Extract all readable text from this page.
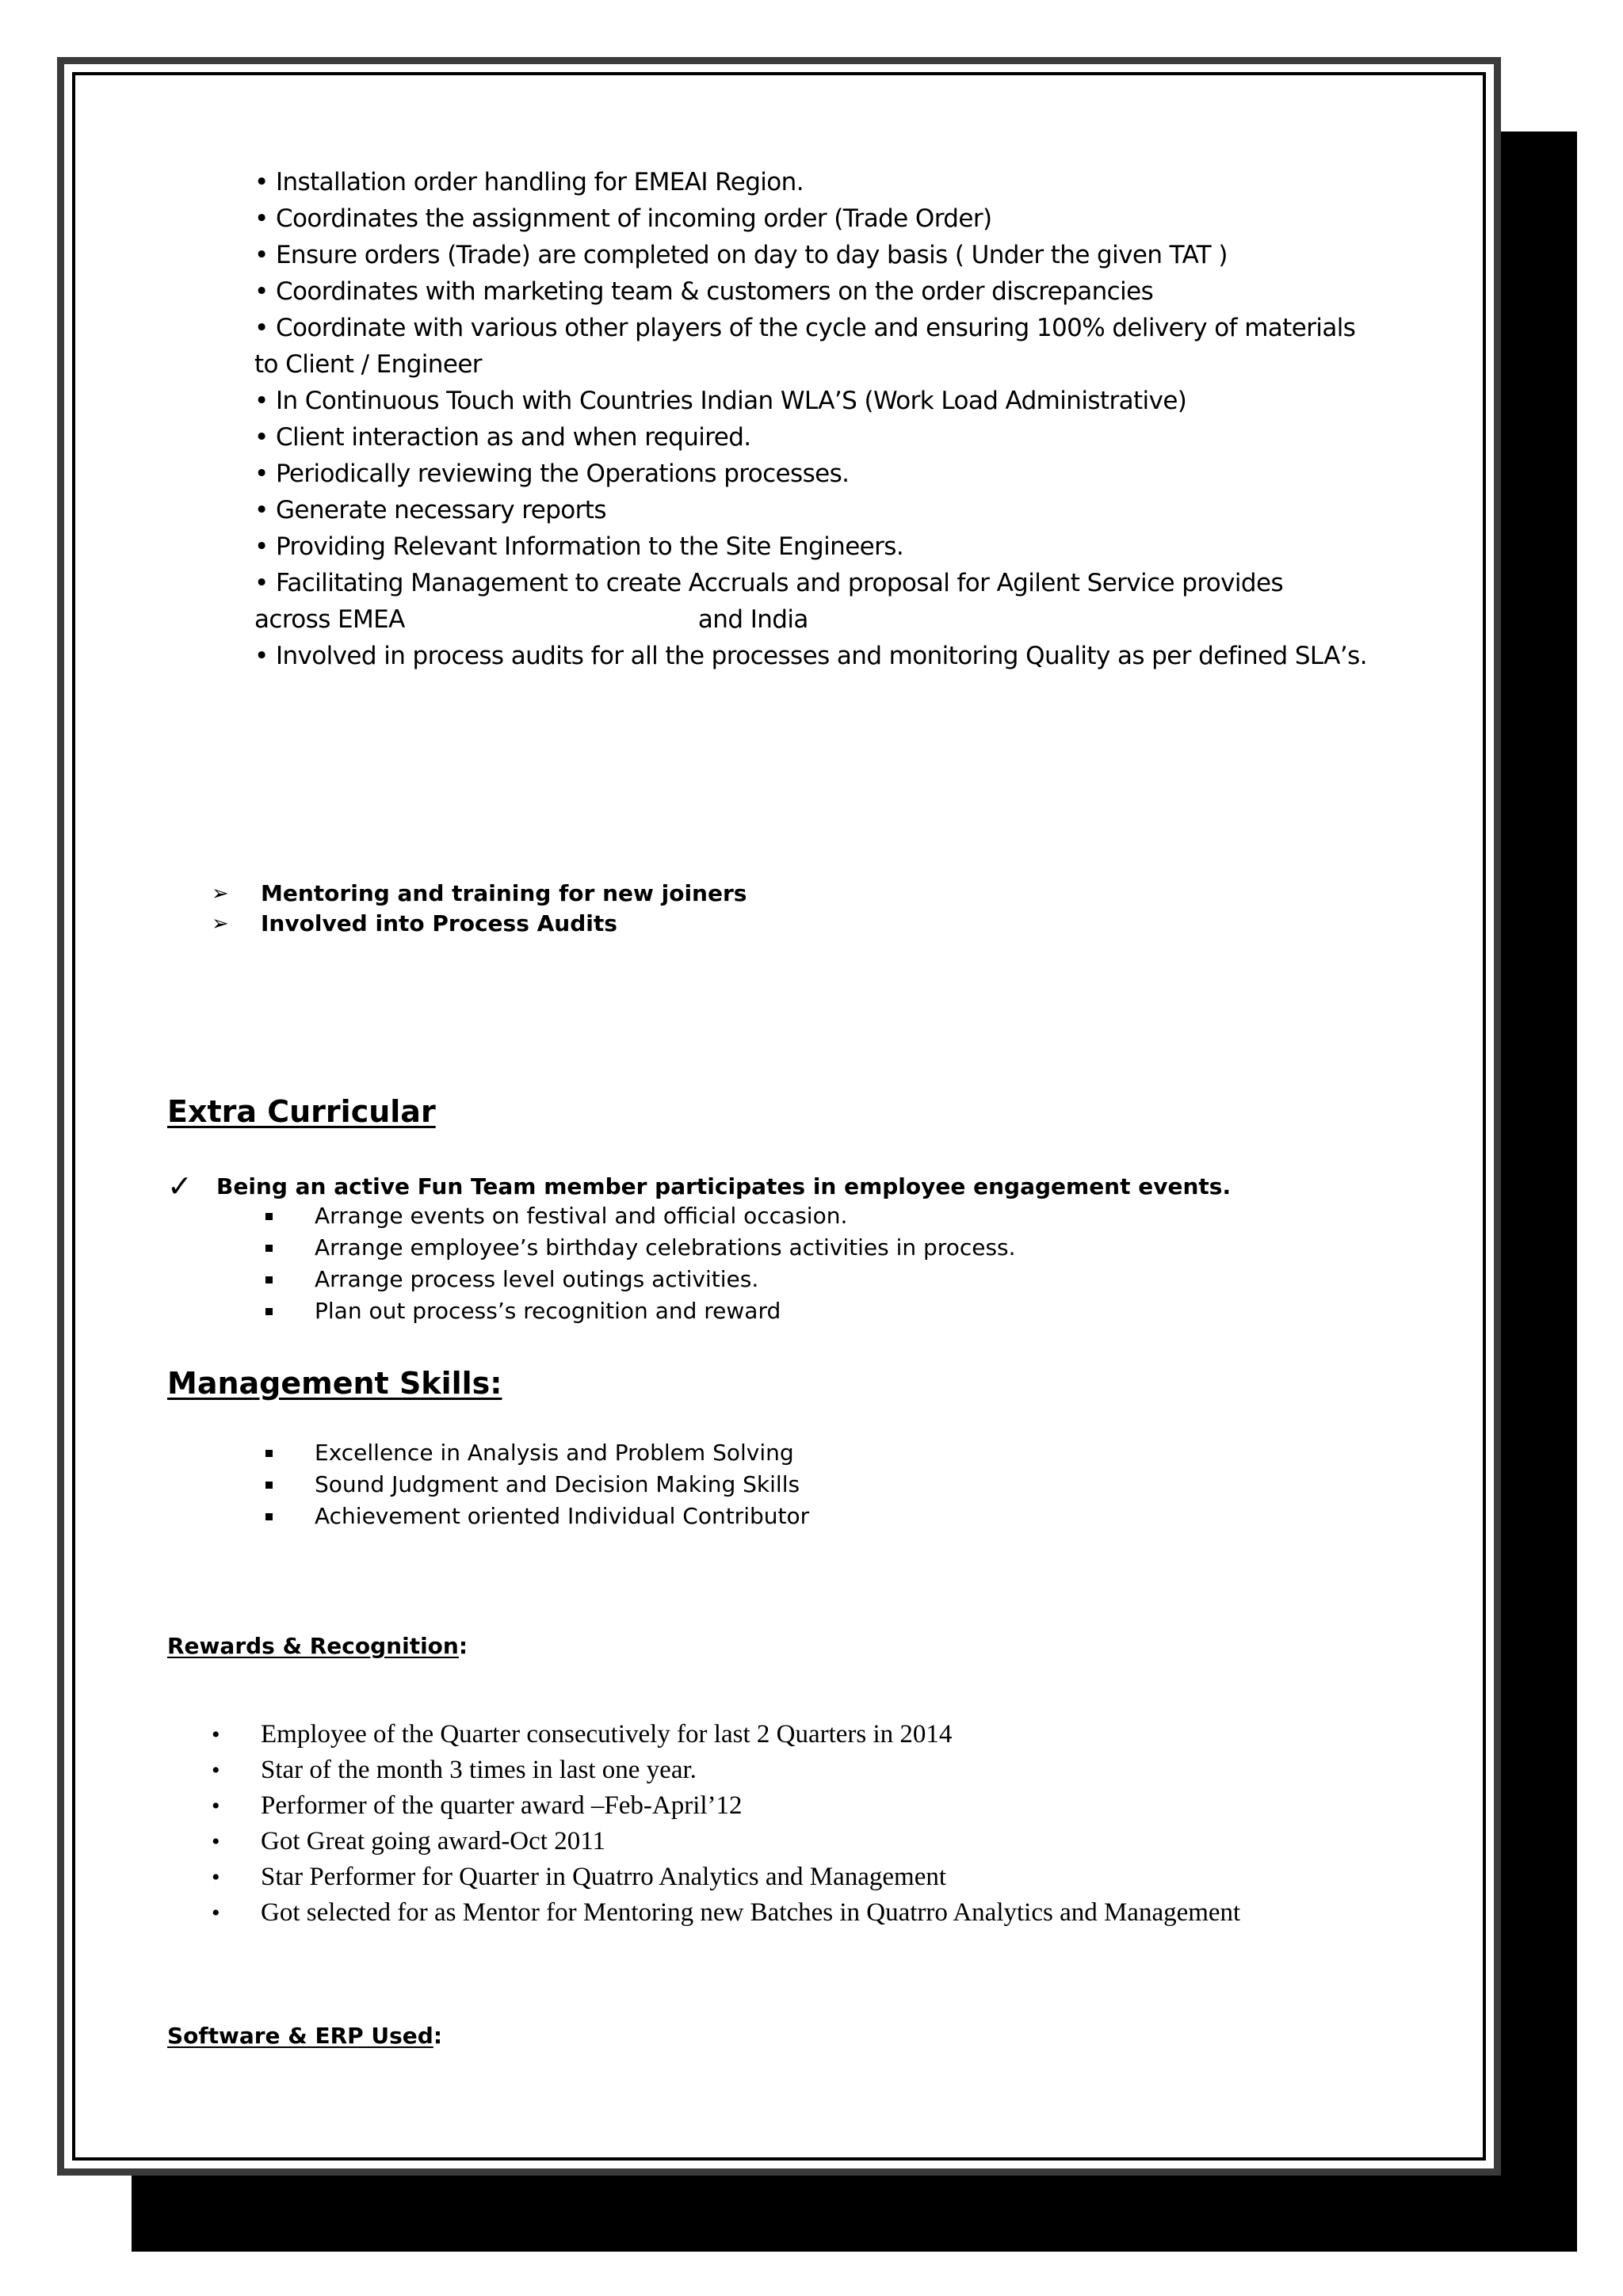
• Installation order handling for EMEAI Region.
• Coordinates the assignment of incoming order (Trade Order)
• Ensure orders (Trade) are completed on day to day basis ( Under the given TAT )
• Coordinates with marketing team & customers on the order discrepancies
• Coordinate with various other players of the cycle and ensuring 100% delivery of materials
to Client / Engineer
• In Continuous Touch with Countries Indian WLA’S (Work Load Administrative)
• Client interaction as and when required.
• Periodically reviewing the Operations processes.
• Generate necessary reports
• Providing Relevant Information to the Site Engineers.
• Facilitating Management to create Accruals and proposal for Agilent Service provides
across EMEA                                        and India
• Involved in process audits for all the processes and monitoring Quality as per defined SLA’s.
➢	Mentoring and training for new joiners
➢	Involved into Process Audits
Extra Curricular
✓	Being an active Fun Team member participates in employee engagement events.
Arrange events on festival and official occasion.
Arrange employee’s birthday celebrations activities in process.
Arrange process level outings activities.
Plan out process’s recognition and reward
Management Skills:
Excellence in Analysis and Problem Solving
Sound Judgment and Decision Making Skills
Achievement oriented Individual Contributor
Rewards & Recognition:
•	Employee of the Quarter consecutively for last 2 Quarters in 2014
•	Star of the month 3 times in last one year.
•	Performer of the quarter award –Feb-April’12
•	Got Great going award-Oct 2011
•	Star Performer for Quarter in Quatrro Analytics and Management
•	Got selected for as Mentor for Mentoring new Batches in Quatrro Analytics and Management
Software & ERP Used:
